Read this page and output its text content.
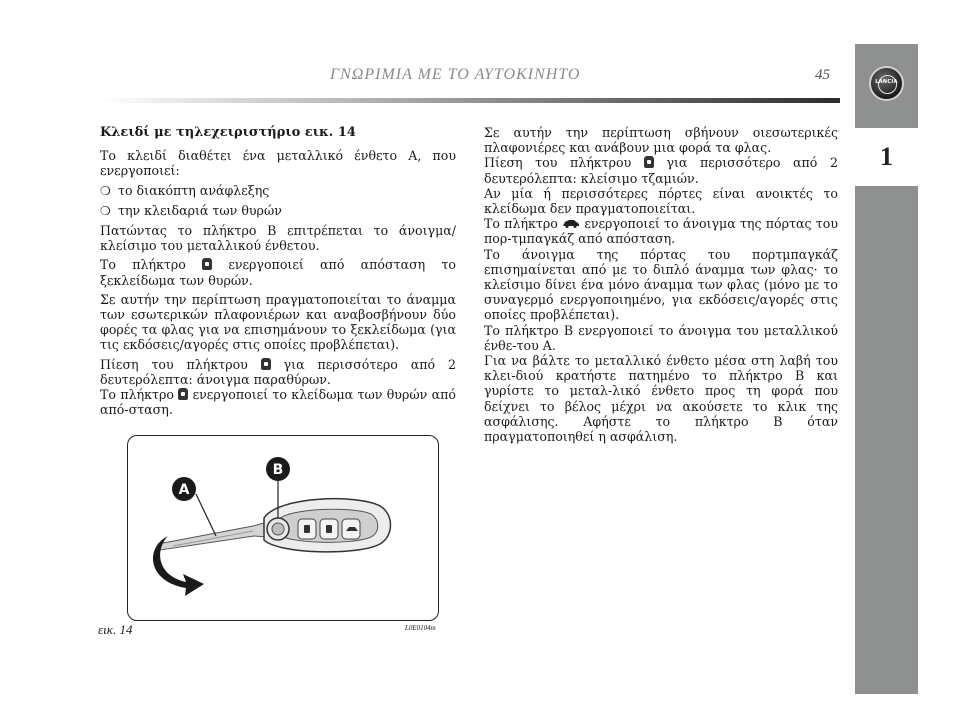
ΓΝΩΡΙΜΙΑ ΜΕ ΤΟ ΑΥΤΟΚΙΝΗΤΟ	45	LANCIA
1

Κλειδί με τηλεχειριστήριο εικ. 14

Το κλειδί διαθέτει ένα μεταλλικό ένθετο Α, που ενεργοποιεί:

❍ το διακόπτη ανάφλεξης
❍ την κλειδαριά των θυρών

Πατώντας το πλήκτρο Β επιτρέπεται το άνοιγμα/κλείσιμο του μεταλλικού ένθετου.

Το πλήκτρο  ενεργοποιεί από απόσταση το ξεκλείδωμα των θυρών.

Σε αυτήν την περίπτωση πραγματοποιείται το άναμμα των εσωτερικών πλαφονιέρων και αναβοσβήνουν δύο φορές τα φλας για να επισημάνουν το ξεκλείδωμα (για τις εκδόσεις/αγορές στις οποίες προβλέπεται).

Πίεση του πλήκτρου  για περισσότερο από 2 δευτερόλεπτα: άνοιγμα παραθύρων.

Το πλήκτρο  ενεργοποιεί το κλείδωμα των θυρών από από-σταση.

Σε αυτήν την περίπτωση σβήνουν οιεσωτερικές πλαφονιέρες και ανάβουν μια φορά τα φλας.

Πίεση του πλήκτρου  για περισσότερο από 2 δευτερόλεπτα: κλείσιμο τζαμιών.

Αν μία ή περισσότερες πόρτες είναι ανοικτές το κλείδωμα δεν πραγματοποιείται.

Το πλήκτρο  ενεργοποιεί το άνοιγμα της πόρτας του πορ-τμπαγκάζ από απόσταση.

Το άνοιγμα της πόρτας του πορτμπαγκάζ επισημαίνεται από με το διπλό άναμμα των φλας· το κλείσιμο δίνει ένα μόνο άναμμα των φλας (μόνο με το συναγερμό ενεργοποιημένο, για εκδόσεις/αγορές στις οποίες προβλέπεται).

Το πλήκτρο Β ενεργοποιεί το άνοιγμα του μεταλλικού ένθε-του Α.

Για να βάλτε το μεταλλικό ένθετο μέσα στη λαβή του κλει-διού κρατήστε πατημένο το πλήκτρο Β και γυρίστε το μεταλ-λικό ένθετο προς τη φορά που δείχνει το βέλος μέχρι να ακούσετε το κλικ της ασφάλισης. Αφήστε το πλήκτρο Β όταν πραγματοποιηθεί η ασφάλιση.

A
B
εικ. 14	L0E0104m
